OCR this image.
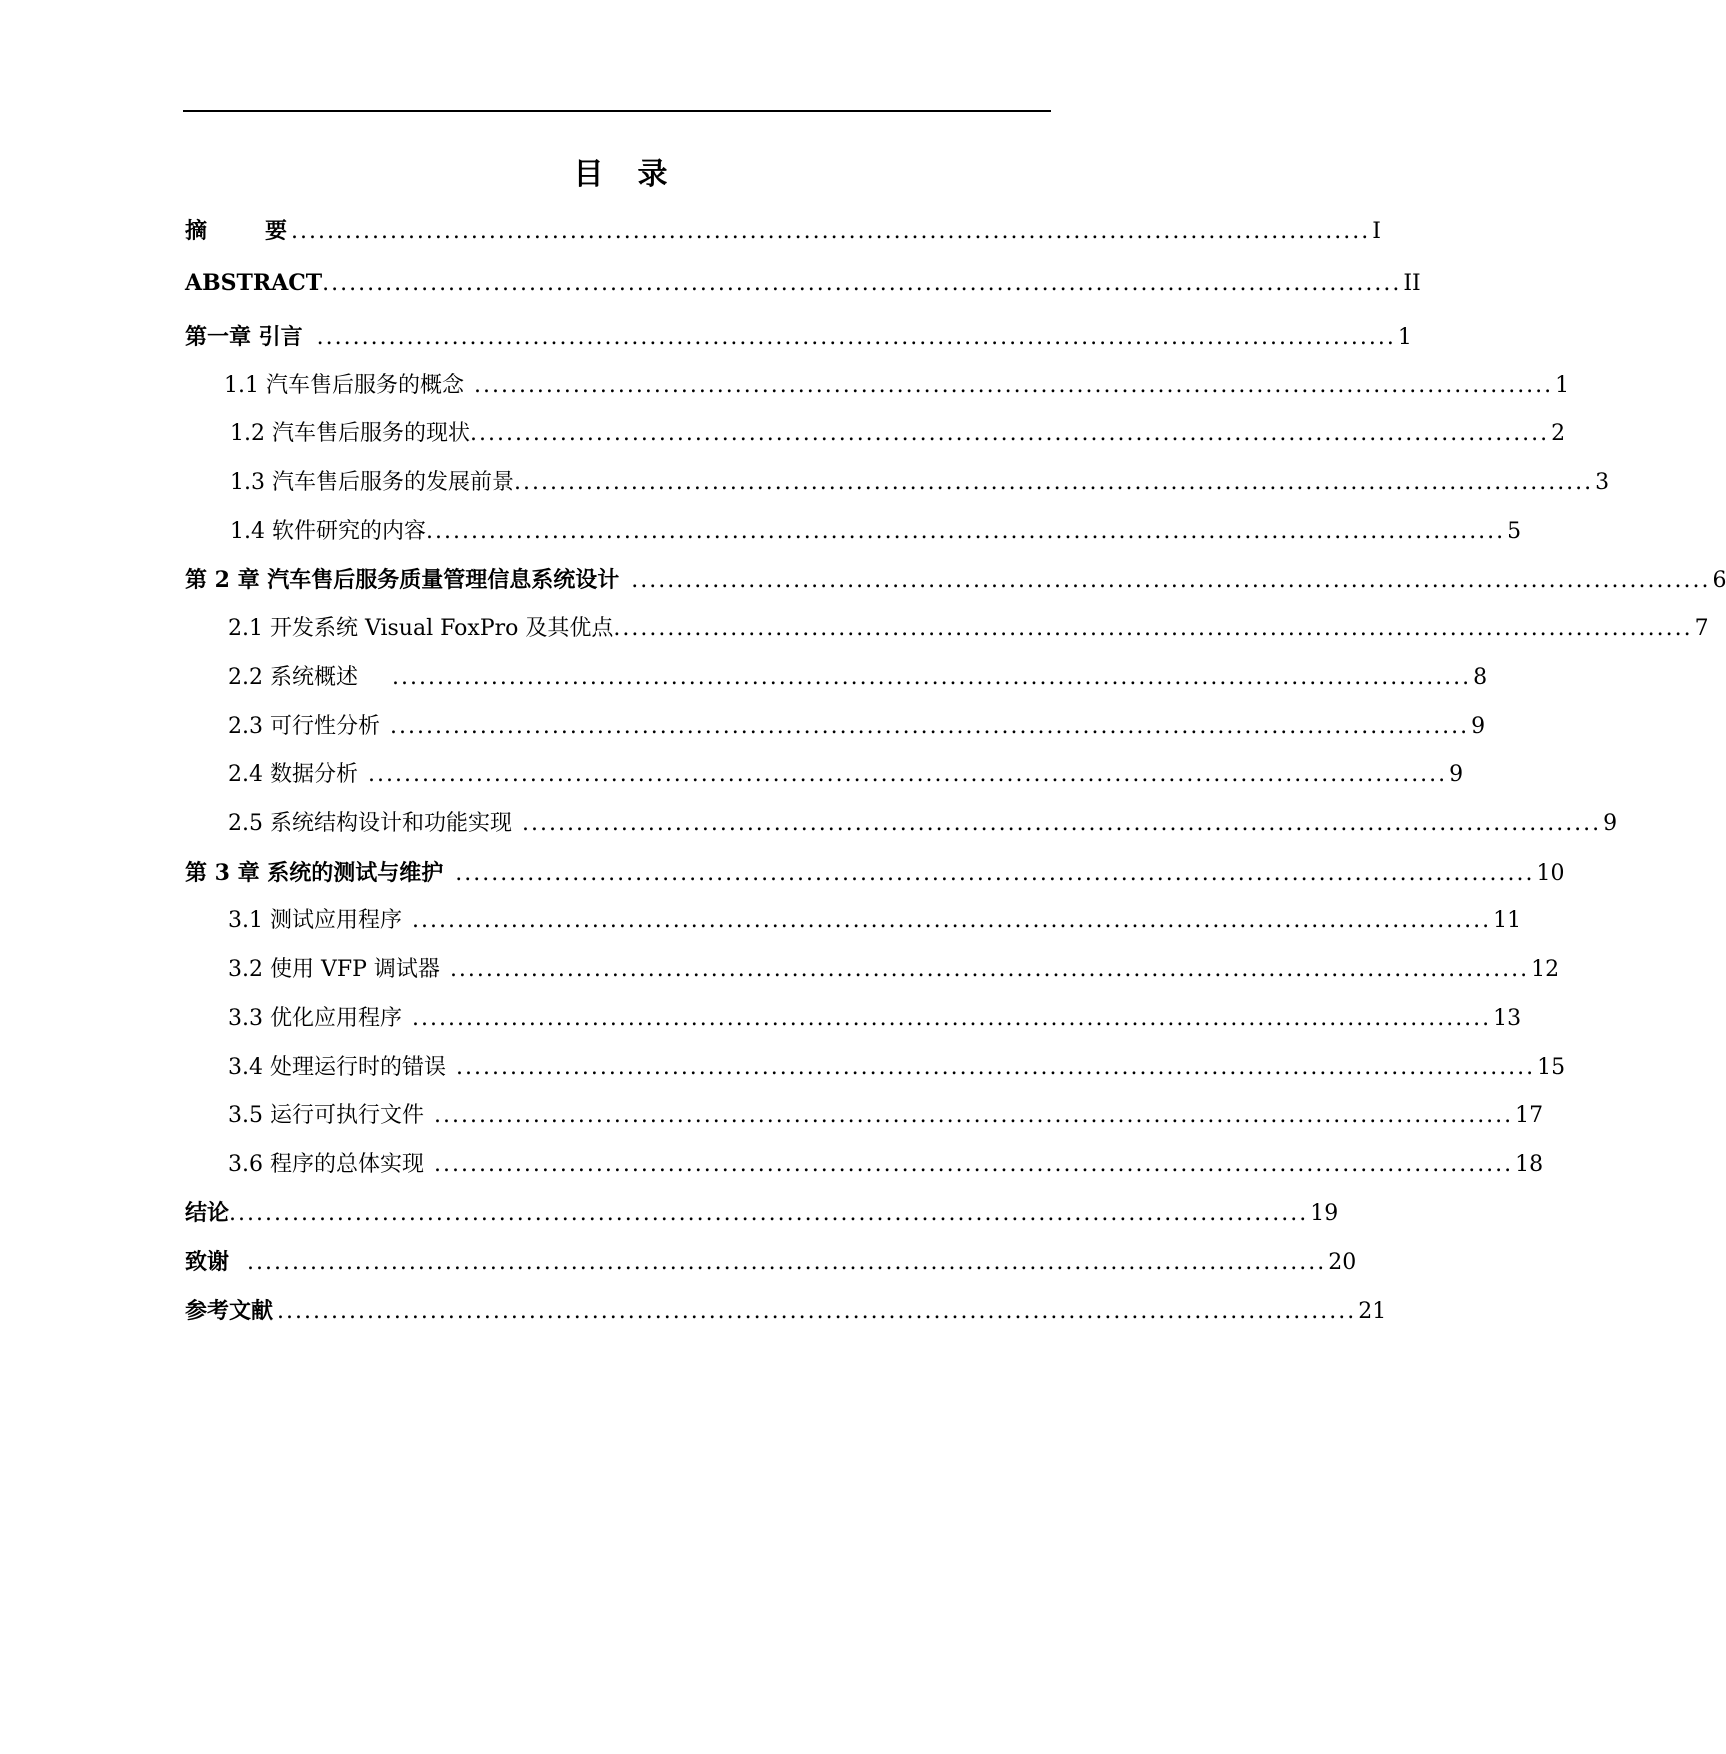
目 录
摘	要 ........................................................................................................................ I
ABSTRACT ........................................................................................................................ II
第一章 引言 ........................................................................................................................ 1
1.1 汽车售后服务的概念 ........................................................................................................................ 1
1.2 汽车售后服务的现状 ........................................................................................................................ 2
1.3 汽车售后服务的发展前景 ........................................................................................................................ 3
1.4 软件研究的内容 ........................................................................................................................ 5
第 2 章 汽车售后服务质量管理信息系统设计 ........................................................................................................................ 6
2.1 开发系统 Visual FoxPro 及其优点 ........................................................................................................................ 7
2.2 系统概述	........................................................................................................................ 8
2.3 可行性分析 ........................................................................................................................ 9
2.4 数据分析 ........................................................................................................................ 9
2.5 系统结构设计和功能实现 ........................................................................................................................ 9
第 3 章 系统的测试与维护 ........................................................................................................................ 10
3.1 测试应用程序 ........................................................................................................................ 11
3.2 使用 VFP 调试器 ........................................................................................................................ 12
3.3 优化应用程序 ........................................................................................................................ 13
3.4 处理运行时的错误 ........................................................................................................................ 15
3.5 运行可执行文件 ........................................................................................................................ 17
3.6 程序的总体实现 ........................................................................................................................ 18
结论 ........................................................................................................................ 19
致谢 ........................................................................................................................ 20
参考文献 ........................................................................................................................ 21
